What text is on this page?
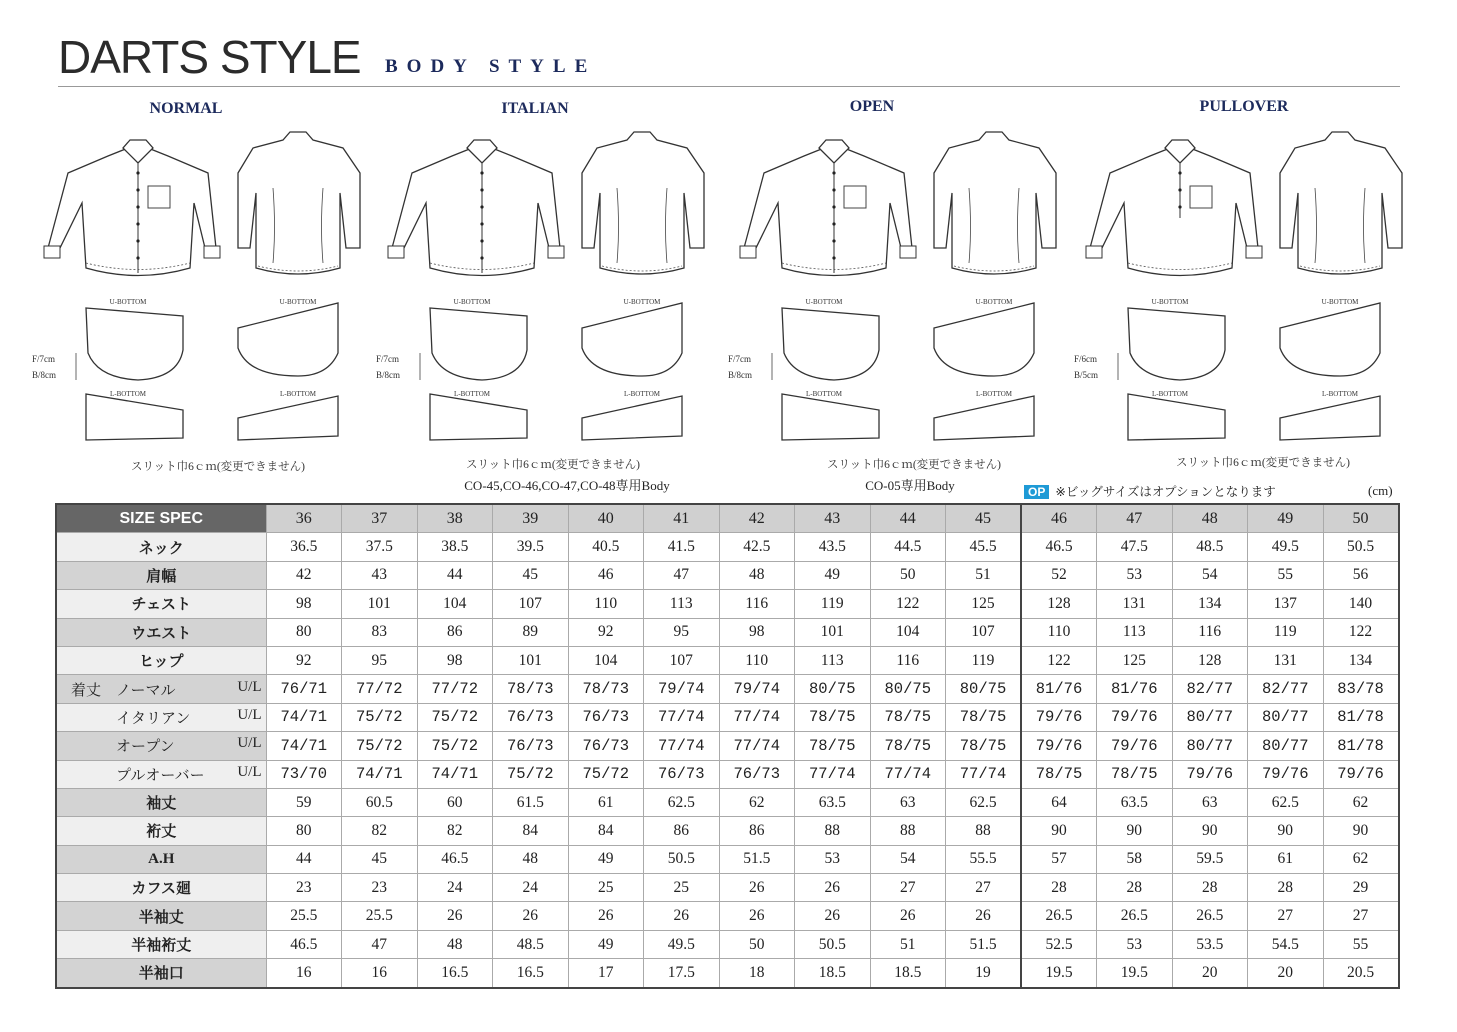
DARTS STYLE BODY STYLE
NORMAL	ITALIAN	OPEN	PULLOVER
U-BOTTOM	U-BOTTOM
L-BOTTOM	L-BOTTOM
F/7cm
B/8cm
U-BOTTOM	U-BOTTOM
L-BOTTOM	L-BOTTOM
F/7cm
B/8cm
U-BOTTOM	U-BOTTOM
L-BOTTOM	L-BOTTOM
F/7cm
B/8cm
U-BOTTOM	U-BOTTOM
L-BOTTOM	L-BOTTOM
F/6cm
B/5cm
スリット巾6ｃｍ(変更できません)	スリット巾6ｃｍ(変更できません)
CO-45,CO-46,CO-47,CO-48専用Body
スリット巾6ｃｍ(変更できません)
CO-05専用Body
スリット巾6ｃｍ(変更できません)
OP ※ビッグサイズはオプションとなります	(cm)
SIZE SPEC	36	37	38	39	40	41	42	43	44	45	46	47	48	49	50
ネック	36.5	37.5	38.5	39.5	40.5	41.5	42.5	43.5	44.5	45.5	46.5	47.5	48.5	49.5	50.5
肩幅	42	43	44	45	46	47	48	49	50	51	52	53	54	55	56
チェスト	98	101	104	107	110	113	116	119	122	125	128	131	134	137	140
ウエスト	80	83	86	89	92	95	98	101	104	107	110	113	116	119	122
ヒップ	92	95	98	101	104	107	110	113	116	119	122	125	128	131	134
着丈　ノーマル U/L	76/71	77/72	77/72	78/73	78/73	79/74	79/74	80/75	80/75	80/75	81/76	81/76	82/77	82/77	83/78
　　　イタリアン U/L	74/71	75/72	75/72	76/73	76/73	77/74	77/74	78/75	78/75	78/75	79/76	79/76	80/77	80/77	81/78
　　　オープン U/L	74/71	75/72	75/72	76/73	76/73	77/74	77/74	78/75	78/75	78/75	79/76	79/76	80/77	80/77	81/78
　　　プルオーバー U/L	73/70	74/71	74/71	75/72	75/72	76/73	76/73	77/74	77/74	77/74	78/75	78/75	79/76	79/76	79/76
袖丈	59	60.5	60	61.5	61	62.5	62	63.5	63	62.5	64	63.5	63	62.5	62
裄丈	80	82	82	84	84	86	86	88	88	88	90	90	90	90	90
A.H	44	45	46.5	48	49	50.5	51.5	53	54	55.5	57	58	59.5	61	62
カフス廻	23	23	24	24	25	25	26	26	27	27	28	28	28	28	29
半袖丈	25.5	25.5	26	26	26	26	26	26	26	26	26.5	26.5	26.5	27	27
半袖裄丈	46.5	47	48	48.5	49	49.5	50	50.5	51	51.5	52.5	53	53.5	54.5	55
半袖口	16	16	16.5	16.5	17	17.5	18	18.5	18.5	19	19.5	19.5	20	20	20.5
